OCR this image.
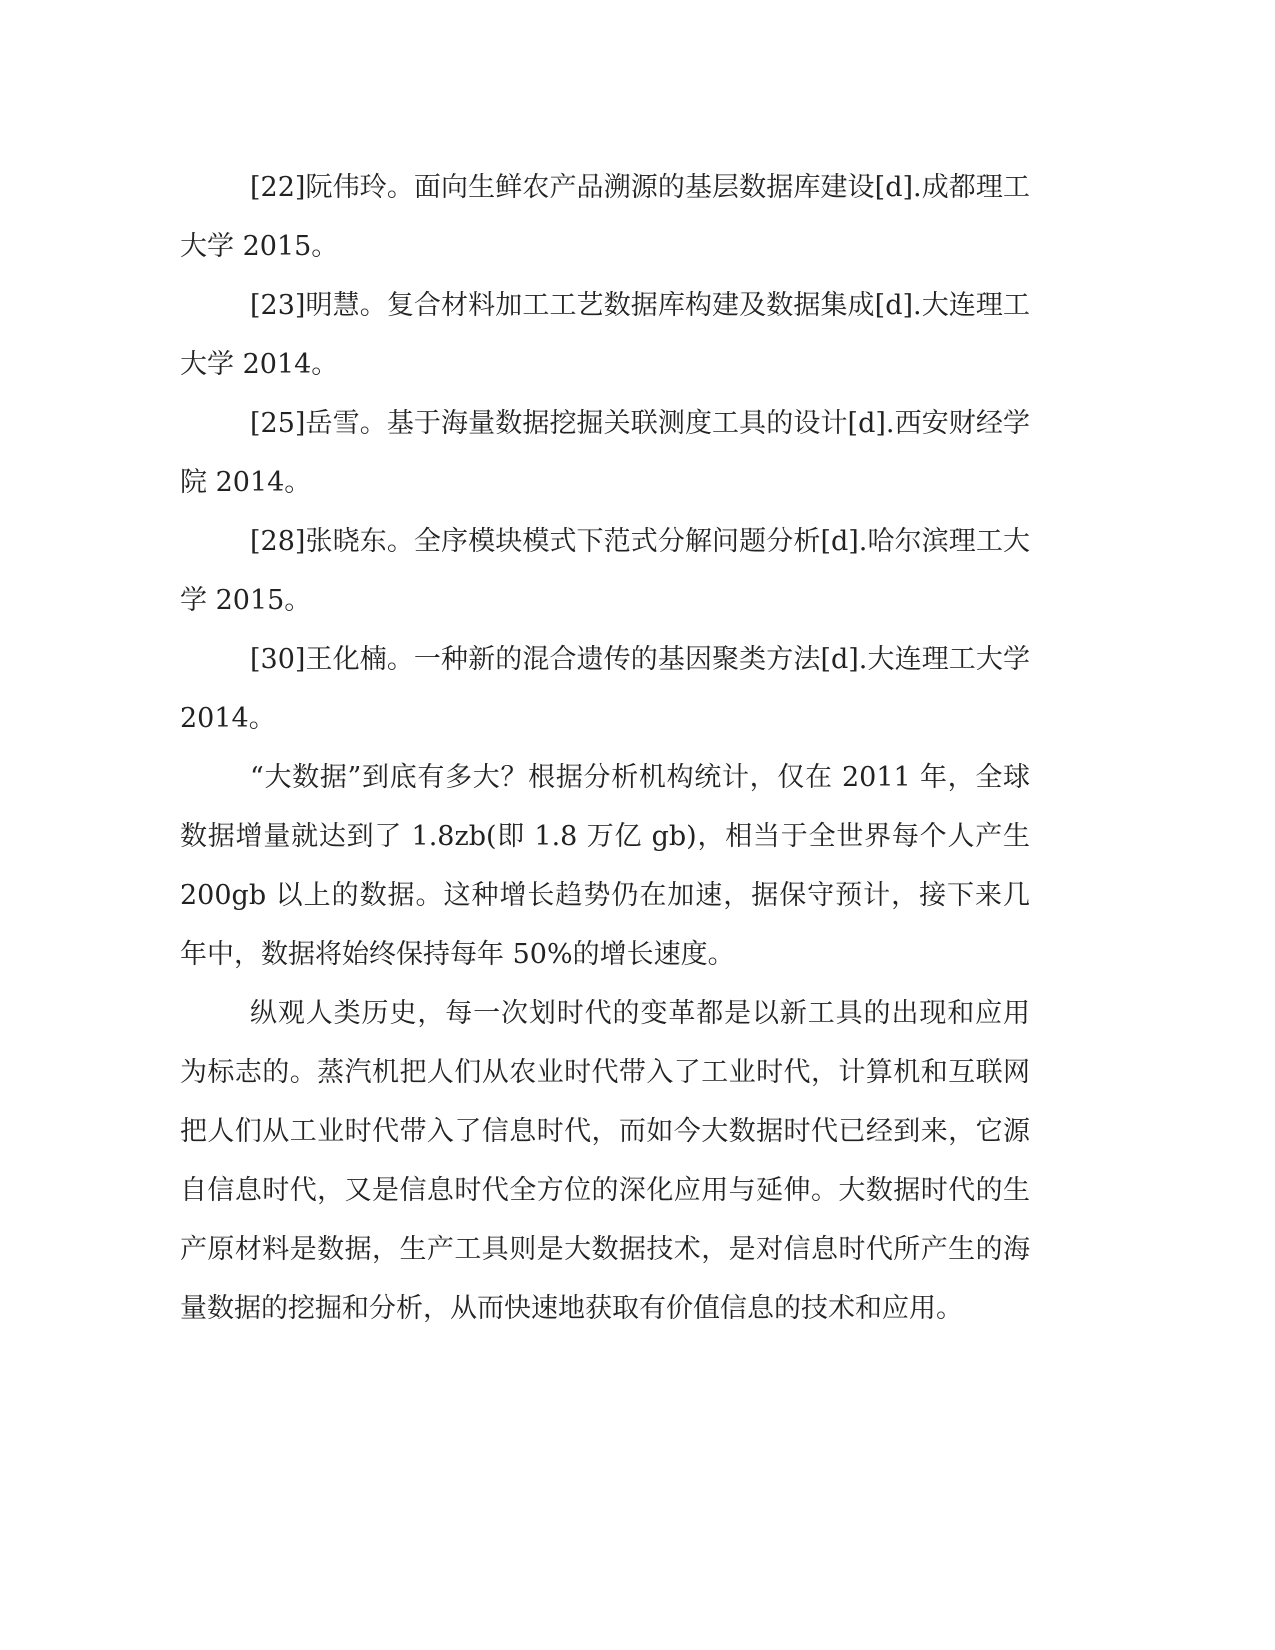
[22]阮伟玲。面向生鲜农产品溯源的基层数据库建设[d].成都理工大学 2015。

[23]明慧。复合材料加工工艺数据库构建及数据集成[d].大连理工大学 2014。

[25]岳雪。基于海量数据挖掘关联测度工具的设计[d].西安财经学院 2014。

[28]张晓东。全序模块模式下范式分解问题分析[d].哈尔滨理工大学 2015。

[30]王化楠。一种新的混合遗传的基因聚类方法[d].大连理工大学 2014。

“大数据”到底有多大？根据分析机构统计，仅在 2011 年，全球数据增量就达到了 1.8zb(即 1.8 万亿 gb)，相当于全世界每个人产生 200gb 以上的数据。这种增长趋势仍在加速，据保守预计，接下来几年中，数据将始终保持每年 50%的增长速度。

纵观人类历史，每一次划时代的变革都是以新工具的出现和应用为标志的。蒸汽机把人们从农业时代带入了工业时代，计算机和互联网把人们从工业时代带入了信息时代，而如今大数据时代已经到来，它源自信息时代，又是信息时代全方位的深化应用与延伸。大数据时代的生产原材料是数据，生产工具则是大数据技术，是对信息时代所产生的海量数据的挖掘和分析，从而快速地获取有价值信息的技术和应用。
